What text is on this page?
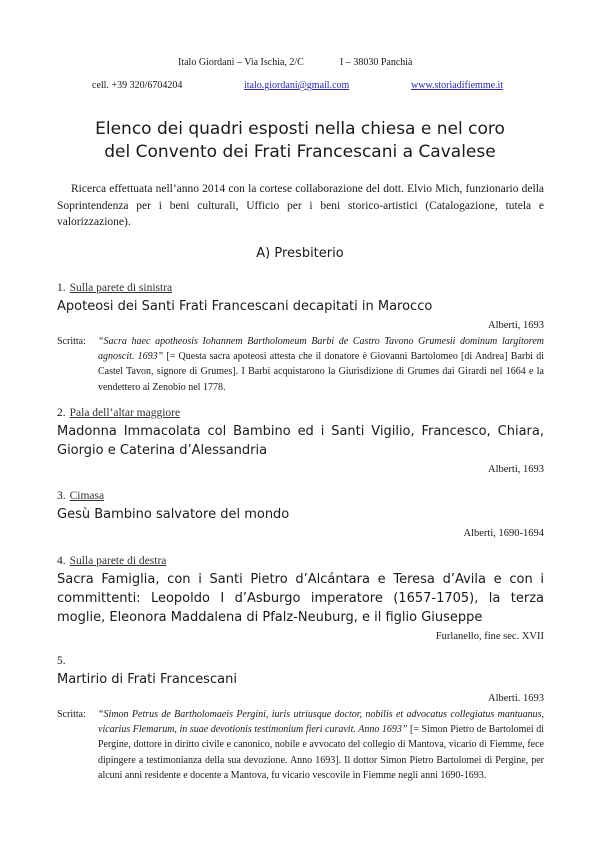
Italo Giordani – Via Ischia, 2/C	I – 38030 Panchià
cell. +39 320/6704204	italo.giordani@gmail.com	www.storiadifiemme.it
Elenco dei quadri esposti nella chiesa e nel coro
del Convento dei Frati Francescani a Cavalese
Ricerca effettuata nell’anno 2014 con la cortese collaborazione del dott. Elvio Mich, funzionario della Soprintendenza per i beni culturali, Ufficio per i beni storico-artistici (Catalogazione, tutela e valorizzazione).
A) Presbiterio
1. Sulla parete di sinistra
Apoteosi dei Santi Frati Francescani decapitati in Marocco
Alberti, 1693
Scritta:	“Sacra haec apotheosis Iohannem Bartholomeum Barbi de Castro Tavono Grumesii dominum largitorem agnoscit. 1693” [= Questa sacra apoteosi attesta che il donatore è Giovanni Bartolomeo [di Andrea] Barbi di Castel Tavon, signore di Grumes]. I Barbi acquistarono la Giurisdizione di Grumes dai Girardi nel 1664 e la vendettero ai Zenobio nel 1778.
2. Pala dell’altar maggiore
Madonna Immacolata col Bambino ed i Santi Vigilio, Francesco, Chiara, Giorgio e Caterina d’Alessandria
Alberti, 1693
3. Cimasa
Gesù Bambino salvatore del mondo
Alberti, 1690-1694
4. Sulla parete di destra
Sacra Famiglia, con i Santi Pietro d’Alcántara e Teresa d’Avila e con i committenti: Leopoldo I d’Asburgo imperatore (1657-1705), la terza moglie, Eleonora Maddalena di Pfalz-Neuburg, e il figlio Giuseppe
Furlanello, fine sec. XVII
5.
Martirio di Frati Francescani
Alberti. 1693
Scritta:	“Simon Petrus de Bartholomaeis Pergini, iuris utriusque doctor, nobilis et advocatus collegiatus mantuanus, vicarius Flemarum, in suae devotionis testimonium fieri curavit. Anno 1693” [= Simon Pietro de Bartolomei di Pergine, dottore in diritto civile e canonico, nobile e avvocato del collegio di Mantova, vicario di Fiemme, fece dipingere a testimonianza della sua devozione. Anno 1693]. Il dottor Simon Pietro Bartolomei di Pergine, per alcuni anni residente e docente a Mantova, fu vicario vescovile in Fiemme negli anni 1690-1693.
